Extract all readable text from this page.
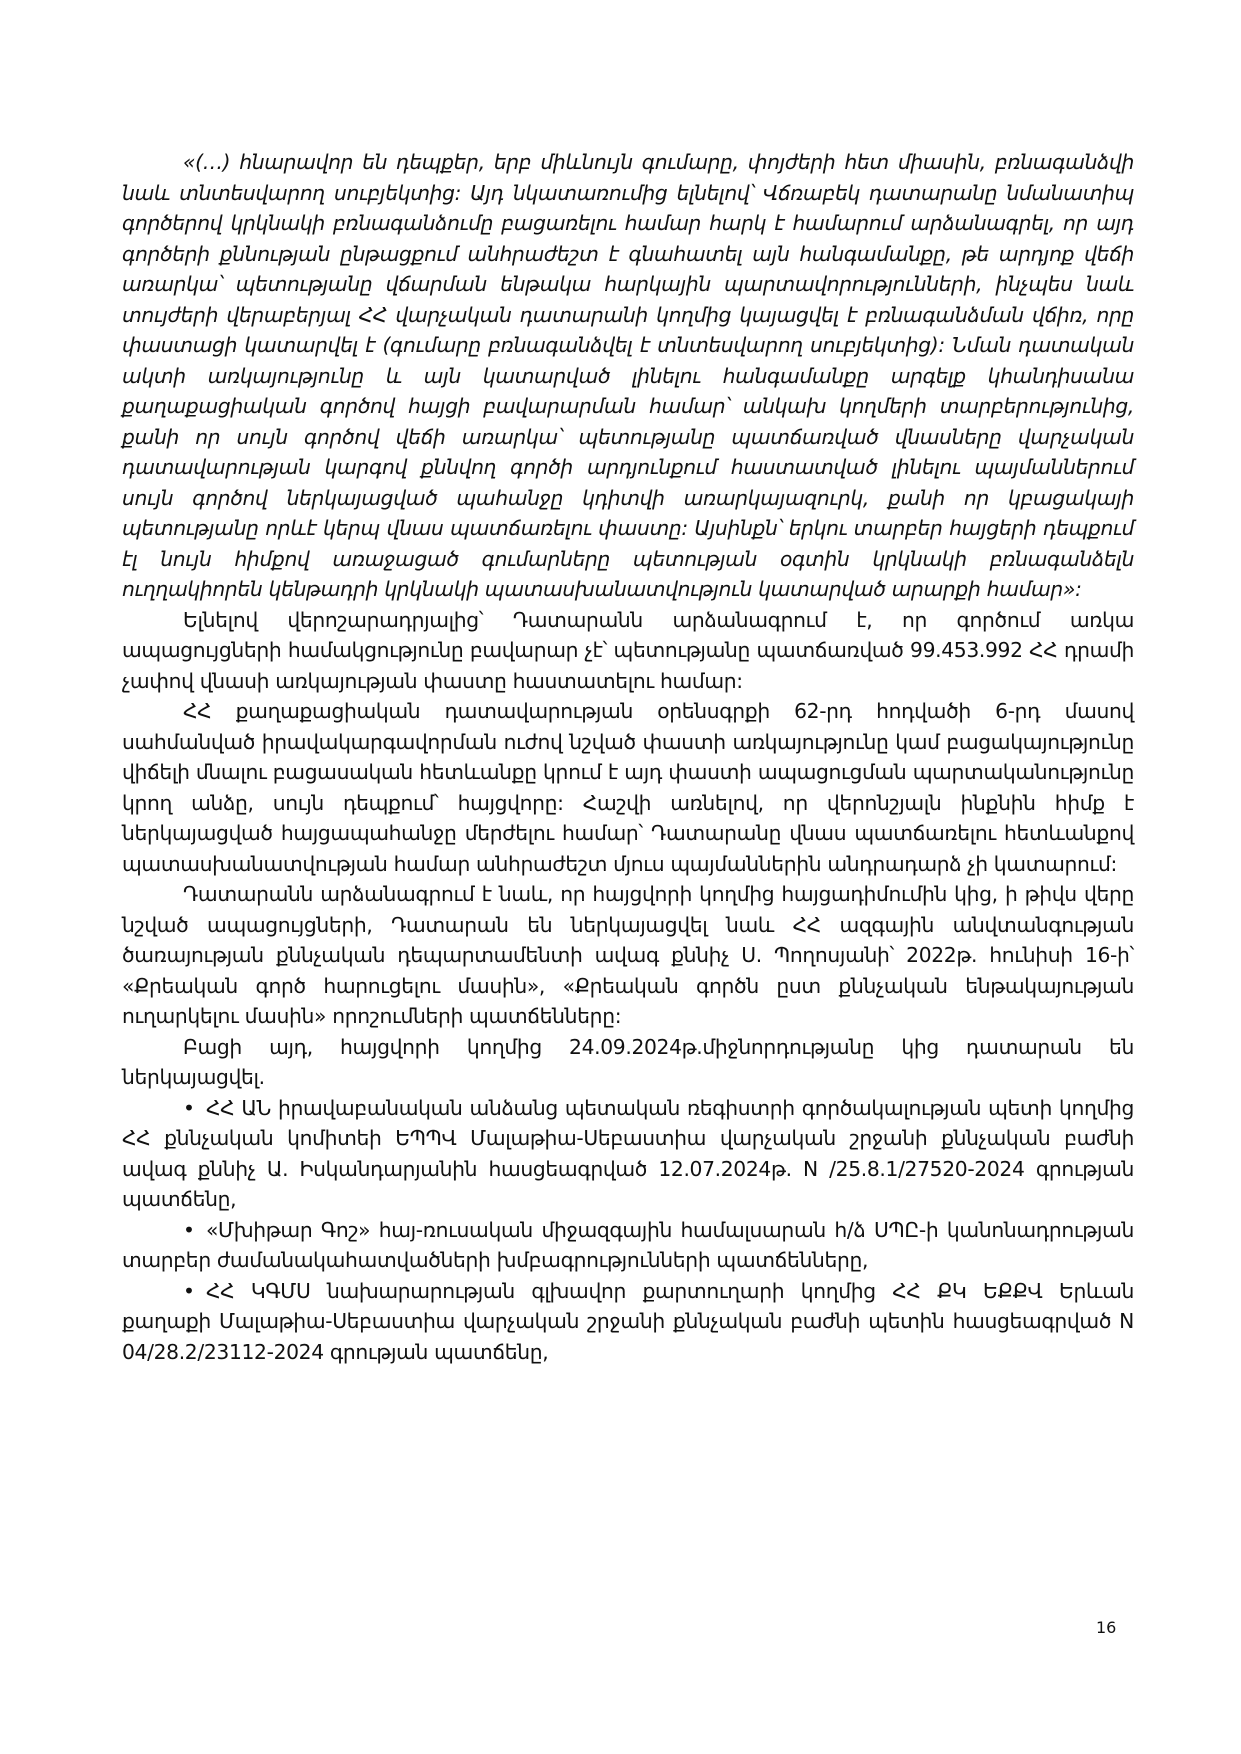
«(…) հնարավոր են դեպքեր, երբ միևնույն գումարը, փոյժերի հետ միասին, բռնագանձվի նաև տնտեսվարող սուբյեկտից: Այդ նկատառումից ելնելով՝ Վճռաբեկ դատարանը նմանատիպ գործերով կրկնակի բռնագանձումը բացառելու համար հարկ է համարում արձանագրել, որ այդ գործերի քննության ընթացքում անհրաժեշտ է գնահատել այն հանգամանքը, թե արդյոք վեճի առարկա՝ պետությանը վճարման ենթակա հարկային պարտավորությունների, ինչպես նաև տույժերի վերաբերյալ ՀՀ վարչական դատարանի կողմից կայացվել է բռնագանձման վճիռ, որը փաստացի կատարվել է (գումարը բռնագանձվել է տնտեսվարող սուբյեկտից): Նման դատական ակտի առկայությունը և այն կատարված լինելու հանգամանքը արգելք կհանդիսանա քաղաքացիական գործով հայցի բավարարման համար՝ անկախ կողմերի տարբերությունից, քանի որ սույն գործով վեճի առարկա՝ պետությանը պատճառված վնասները վարչական դատավարության կարգով քննվող գործի արդյունքում հաստատված լինելու պայմաններում սույն գործով ներկայացված պահանջը կդիտվի առարկայազուրկ, քանի որ կբացակայի պետությանը որևէ կերպ վնաս պատճառելու փաստը: Այսինքն՝ երկու տարբեր հայցերի դեպքում էլ նույն հիմքով առաջացած գումարները պետության օգտին կրկնակի բռնագանձելն ուղղակիորեն կենթադրի կրկնակի պատասխանատվություն կատարված արարքի համար»:

Ելնելով վերոշարադրյալից՝ Դատարանն արձանագրում է, որ գործում առկա ապացույցների համակցությունը բավարար չէ՝ պետությանը պատճառված 99.453.992 ՀՀ դրամի չափով վնասի առկայության փաստը հաստատելու համար:

ՀՀ քաղաքացիական դատավարության օրենսգրքի 62-րդ հոդվածի 6-րդ մասով սահմանված իրավակարգավորման ուժով նշված փաստի առկայությունը կամ բացակայությունը վիճելի մնալու բացասական հետևանքը կրում է այդ փաստի ապացուցման պարտականությունը կրող անձը, սույն դեպքում՝ հայցվորը: Հաշվի առնելով, որ վերոնշյալն ինքնին հիմք է ներկայացված հայցապահանջը մերժելու համար՝ Դատարանը վնաս պատճառելու հետևանքով պատասխանատվության համար անհրաժեշտ մյուս պայմաններին անդրադարձ չի կատարում:

Դատարանն արձանագրում է նաև, որ հայցվորի կողմից հայցադիմումին կից, ի թիվս վերը նշված ապացույցների, Դատարան են ներկայացվել նաև ՀՀ ազգային անվտանգության ծառայության քննչական դեպարտամենտի ավագ քննիչ Ս. Պողոսյանի՝ 2022թ. հունիսի 16-ի՝ «Քրեական գործ հարուցելու մասին», «Քրեական գործն ըստ քննչական ենթակայության ուղարկելու մասին» որոշումների պատճենները:

Բացի այդ, հայցվորի կողմից 24.09.2024թ.միջնորդությանը կից դատարան են ներկայացվել.

• ՀՀ ԱՆ իրավաբանական անձանց պետական ռեգիստրի գործակալության պետի կողմից ՀՀ քննչական կոմիտեի ԵՊՊՎ Մալաթիա-Սեբաստիա վարչական շրջանի քննչական բաժնի ավագ քննիչ Ա. Իսկանդարյանին հասցեագրված 12.07.2024թ. N /25.8.1/27520-2024 գրության պատճենը,

• «Մխիթար Գոշ» հայ-ռուսական միջազգային համալսարան հ/ձ ՍՊԸ-ի կանոնադրության տարբեր ժամանակահատվածների խմբագրությունների պատճենները,

• ՀՀ ԿԳՄՍ նախարարության գլխավոր քարտուղարի կողմից ՀՀ ՔԿ ԵՔՔՎ Երևան քաղաքի Մալաթիա-Սեբաստիա վարչական շրջանի քննչական բաժնի պետին հասցեագրված N 04/28.2/23112-2024 գրության պատճենը,

16
